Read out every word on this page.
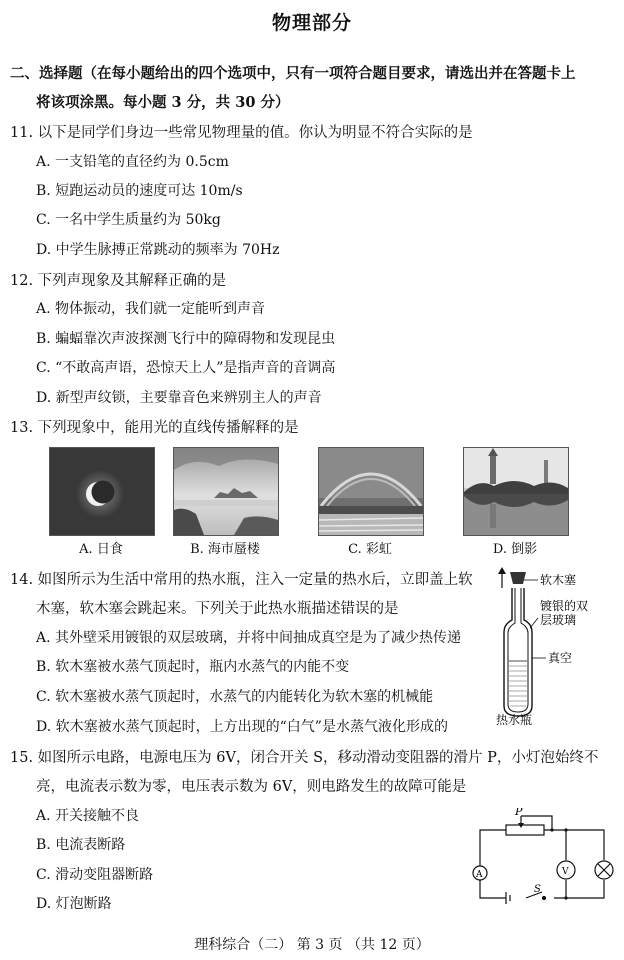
物理部分
二、选择题（在每小题给出的四个选项中，只有一项符合题目要求，请选出并在答题卡上
将该项涂黑。每小题 3 分，共 30 分）
11. 以下是同学们身边一些常见物理量的值。你认为明显不符合实际的是
A. 一支铅笔的直径约为 0.5cm
B. 短跑运动员的速度可达 10m/s
C. 一名中学生质量约为 50kg
D. 中学生脉搏正常跳动的频率为 70Hz
12. 下列声现象及其解释正确的是
A. 物体振动，我们就一定能听到声音
B. 蝙蝠靠次声波探测飞行中的障碍物和发现昆虫
C. “不敢高声语，恐惊天上人”是指声音的音调高
D. 新型声纹锁，主要靠音色来辨别主人的声音
13. 下列现象中，能用光的直线传播解释的是
A. 日食	B. 海市蜃楼	C. 彩虹	D. 倒影
14. 如图所示为生活中常用的热水瓶，注入一定量的热水后，立即盖上软
木塞，软木塞会跳起来。下列关于此热水瓶描述错误的是
A. 其外壁采用镀银的双层玻璃，并将中间抽成真空是为了减少热传递
B. 软木塞被水蒸气顶起时，瓶内水蒸气的内能不变
C. 软木塞被水蒸气顶起时，水蒸气的内能转化为软木塞的机械能
D. 软木塞被水蒸气顶起时，上方出现的“白气”是水蒸气液化形成的
软木塞
镀银的双
层玻璃
真空
热水瓶
15. 如图所示电路，电源电压为 6V，闭合开关 S，移动滑动变阻器的滑片 P，小灯泡始终不
亮，电流表示数为零，电压表示数为 6V，则电路发生的故障可能是
A. 开关接触不良
B. 电流表断路
C. 滑动变阻器断路
D. 灯泡断路
P
A	V
S
理科综合（二） 第 3 页 （共 12 页）
